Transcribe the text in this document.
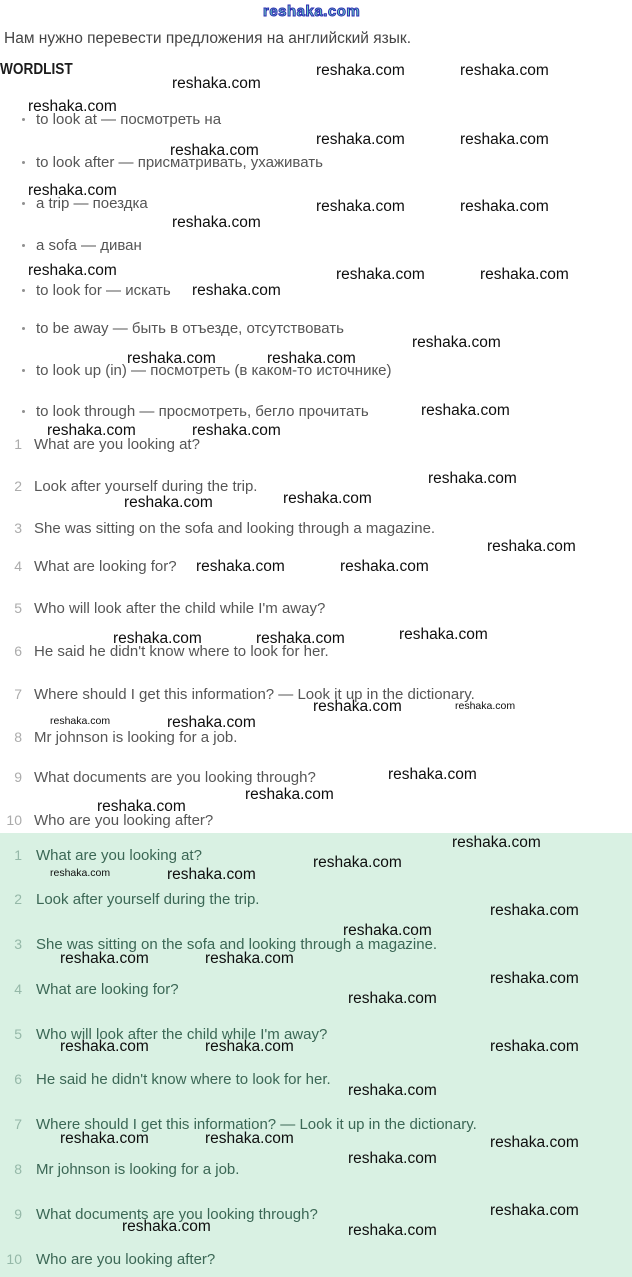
reshaka.com
Нам нужно перевести предложения на английский язык.
WORDLIST
to look at — посмотреть на
to look after — присматривать, ухаживать
a trip — поездка
a sofa — диван
to look for — искать
to be away — быть в отъезде, отсутствовать
to look up (in) — посмотреть (в каком-то источнике)
to look through — просмотреть, бегло прочитать
1 What are you looking at?
2 Look after yourself during the trip.
3 She was sitting on the sofa and looking through a magazine.
4 What are looking for?
5 Who will look after the child while I'm away?
6 He said he didn't know where to look for her.
7 Where should I get this information? — Look it up in the dictionary.
8 Mr johnson is looking for a job.
9 What documents are you looking through?
10 Who are you looking after?
1 What are you looking at?
2 Look after yourself during the trip.
3 She was sitting on the sofa and looking through a magazine.
4 What are looking for?
5 Who will look after the child while I'm away?
6 He said he didn't know where to look for her.
7 Where should I get this information? — Look it up in the dictionary.
8 Mr johnson is looking for a job.
9 What documents are you looking through?
10 Who are you looking after?
reshaka.com	reshaka.com
reshaka.com
reshaka.com
reshaka.com	reshaka.com
reshaka.com
reshaka.com
reshaka.com	reshaka.com
reshaka.com
reshaka.com	reshaka.com	reshaka.com
reshaka.com
reshaka.com
reshaka.com	reshaka.com
reshaka.com
reshaka.com	reshaka.com
reshaka.com
reshaka.com
reshaka.com
reshaka.com
reshaka.com	reshaka.com
reshaka.com
reshaka.com	reshaka.com
reshaka.com	reshaka.com
reshaka.com	reshaka.com
reshaka.com
reshaka.com
reshaka.com
reshaka.com
reshaka.com
reshaka.com	reshaka.com
reshaka.com
reshaka.com
reshaka.com	reshaka.com
reshaka.com
reshaka.com
reshaka.com	reshaka.com	reshaka.com
reshaka.com
reshaka.com	reshaka.com	reshaka.com
reshaka.com
reshaka.com
reshaka.com	reshaka.com
